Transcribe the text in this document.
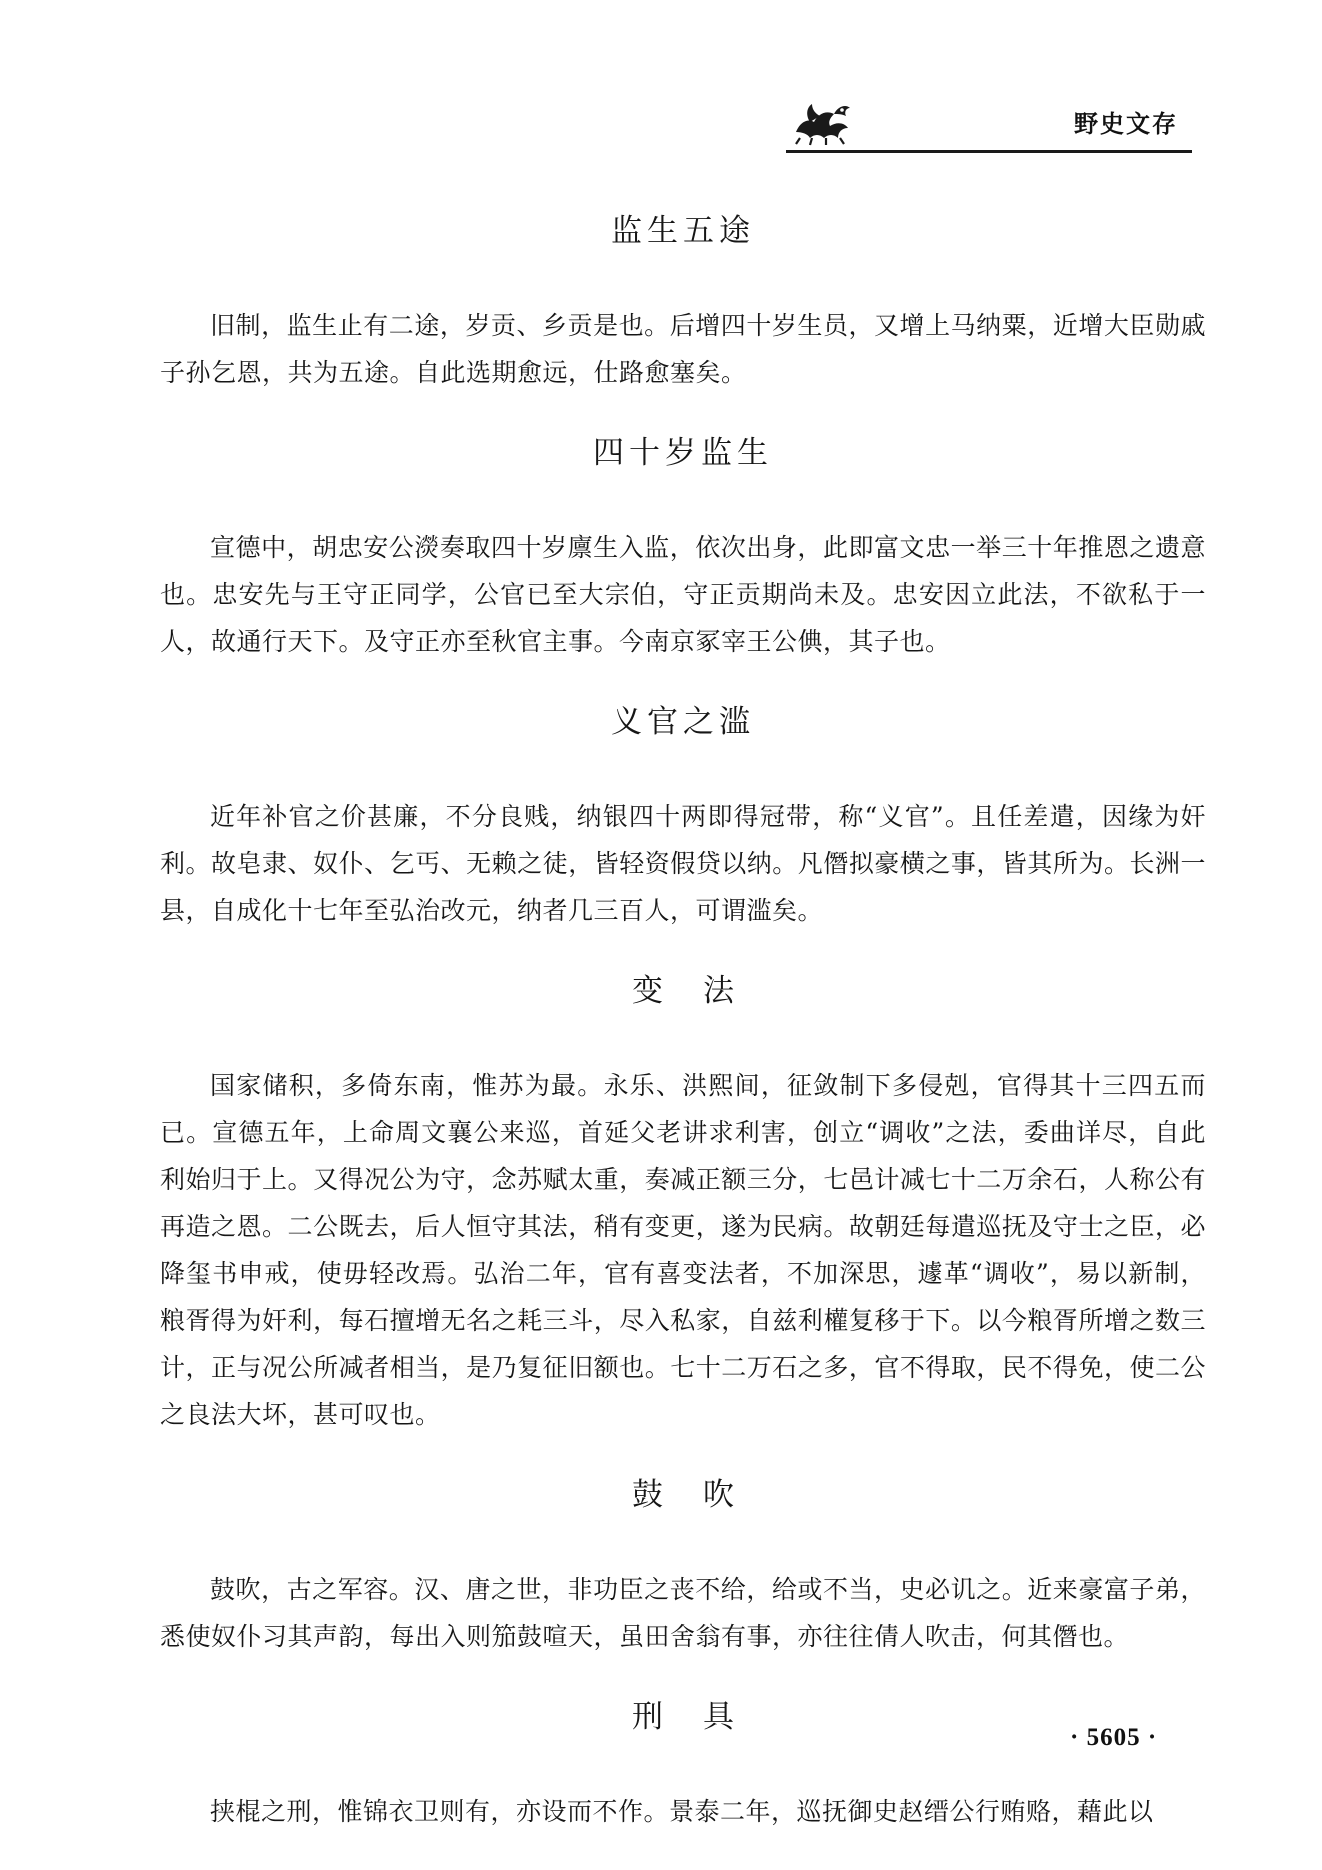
野史文存
监生五途

旧制，监生止有二途，岁贡、乡贡是也。后增四十岁生员，又增上马纳粟，近增大臣勋戚子孙乞恩，共为五途。自此选期愈远，仕路愈塞矣。

四十岁监生

宣德中，胡忠安公濙奏取四十岁廪生入监，依次出身，此即富文忠一举三十年推恩之遗意也。忠安先与王守正同学，公官已至大宗伯，守正贡期尚未及。忠安因立此法，不欲私于一人，故通行天下。及守正亦至秋官主事。今南京冢宰王公倎，其子也。

义官之滥

近年补官之价甚廉，不分良贱，纳银四十两即得冠带，称“义官”。且任差遣，因缘为奸利。故皂隶、奴仆、乞丐、无赖之徒，皆轻资假贷以纳。凡僭拟豪横之事，皆其所为。长洲一县，自成化十七年至弘治改元，纳者几三百人，可谓滥矣。

变法

国家储积，多倚东南，惟苏为最。永乐、洪熙间，征敛制下多侵剋，官得其十三四五而已。宣德五年，上命周文襄公来巡，首延父老讲求利害，创立“调收”之法，委曲详尽，自此利始归于上。又得况公为守，念苏赋太重，奏减正额三分，七邑计减七十二万余石，人称公有再造之恩。二公既去，后人恒守其法，稍有变更，遂为民病。故朝廷每遣巡抚及守士之臣，必降玺书申戒，使毋轻改焉。弘治二年，官有喜变法者，不加深思，遽革“调收”，易以新制，粮胥得为奸利，每石擅增无名之耗三斗，尽入私家，自兹利權复移于下。以今粮胥所增之数三计，正与况公所减者相当，是乃复征旧额也。七十二万石之多，官不得取，民不得免，使二公之良法大坏，甚可叹也。

鼓吹

鼓吹，古之军容。汉、唐之世，非功臣之丧不给，给或不当，史必讥之。近来豪富子弟，悉使奴仆习其声韵，每出入则笳鼓喧天，虽田舍翁有事，亦往往倩人吹击，何其僭也。

刑具

挟棍之刑，惟锦衣卫则有，亦设而不作。景泰二年，巡抚御史赵缙公行贿赂，藉此以

· 5605 ·
